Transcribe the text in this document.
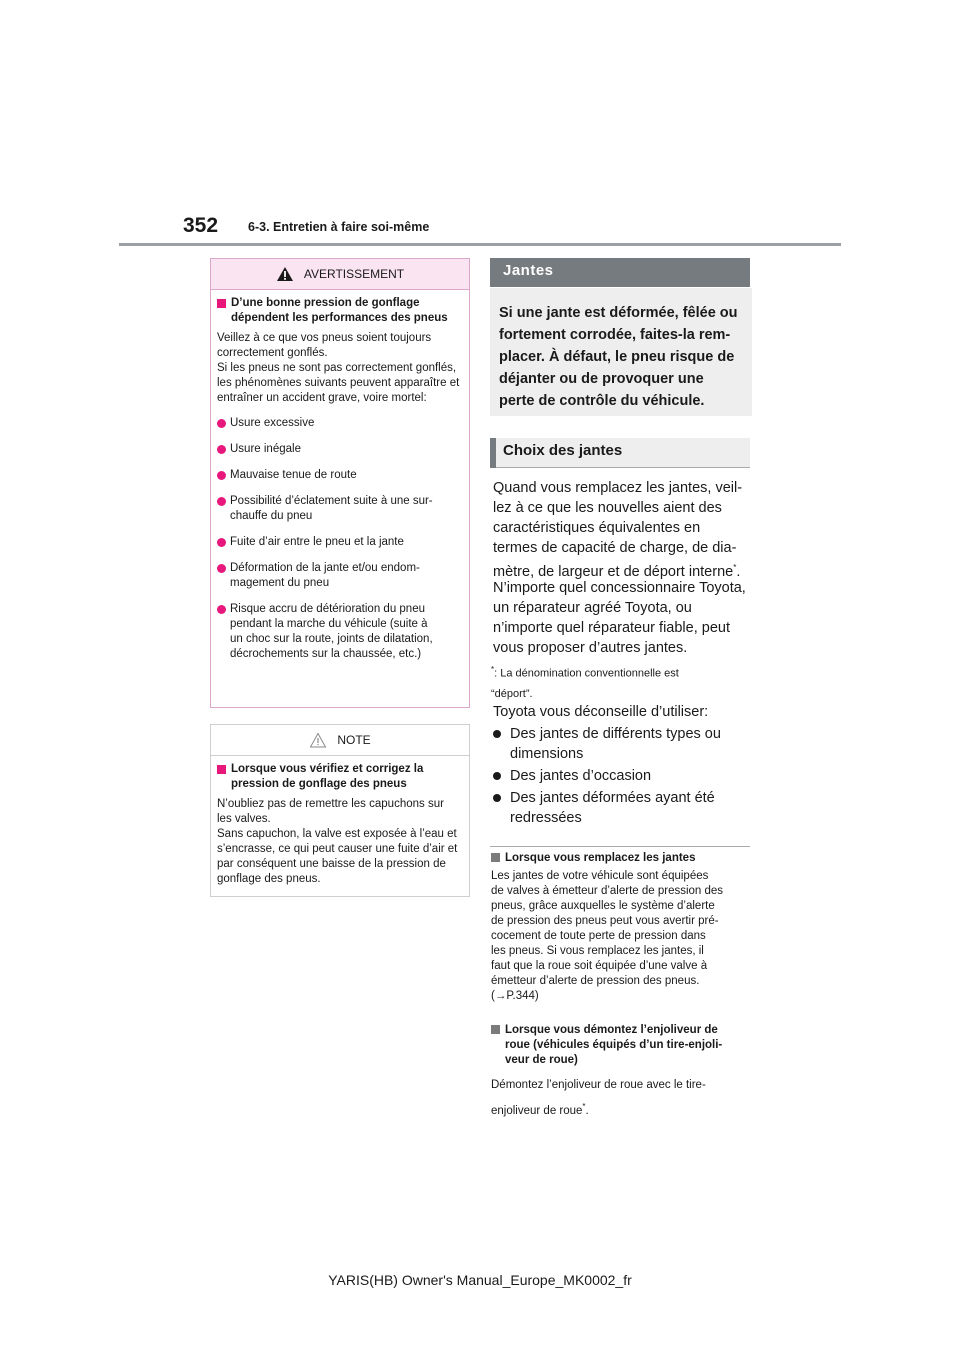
352 6-3. Entretien à faire soi-même
AVERTISSEMENT
D’une bonne pression de gonflage dépendent les performances des pneus
Veillez à ce que vos pneus soient toujours correctement gonflés.
Si les pneus ne sont pas correctement gonflés, les phénomènes suivants peuvent apparaître et entraîner un accident grave, voire mortel:
Usure excessive
Usure inégale
Mauvaise tenue de route
Possibilité d’éclatement suite à une sur-
chauffe du pneu
Fuite d’air entre le pneu et la jante
Déformation de la jante et/ou endom-
magement du pneu
Risque accru de détérioration du pneu
pendant la marche du véhicule (suite à
un choc sur la route, joints de dilatation,
décrochements sur la chaussée, etc.)
NOTE
Lorsque vous vérifiez et corrigez la pression de gonflage des pneus
N’oubliez pas de remettre les capuchons sur les valves.
Sans capuchon, la valve est exposée à l’eau et s’encrasse, ce qui peut causer une fuite d’air et par conséquent une baisse de la pression de gonflage des pneus.
Jantes
Si une jante est déformée, fêlée ou
fortement corrodée, faites-la rem-
placer. À défaut, le pneu risque de
déjanter ou de provoquer une
perte de contrôle du véhicule.
Choix des jantes
Quand vous remplacez les jantes, veil-
lez à ce que les nouvelles aient des
caractéristiques équivalentes en
termes de capacité de charge, de dia-
mètre, de largeur et de déport interne*.
N’importe quel concessionnaire Toyota,
un réparateur agréé Toyota, ou
n’importe quel réparateur fiable, peut
vous proposer d’autres jantes.
*: La dénomination conventionnelle est
“déport”.
Toyota vous déconseille d’utiliser:
Des jantes de différents types ou
dimensions
Des jantes d’occasion
Des jantes déformées ayant été
redressées
Lorsque vous remplacez les jantes
Les jantes de votre véhicule sont équipées
de valves à émetteur d’alerte de pression des
pneus, grâce auxquelles le système d’alerte
de pression des pneus peut vous avertir pré-
cocement de toute perte de pression dans
les pneus. Si vous remplacez les jantes, il
faut que la roue soit équipée d’une valve à
émetteur d’alerte de pression des pneus.
(→P.344)
Lorsque vous démontez l’enjoliveur de
roue (véhicules équipés d’un tire-enjoli-
veur de roue)
Démontez l’enjoliveur de roue avec le tire-
enjoliveur de roue*.
YARIS(HB) Owner's Manual_Europe_MK0002_fr
